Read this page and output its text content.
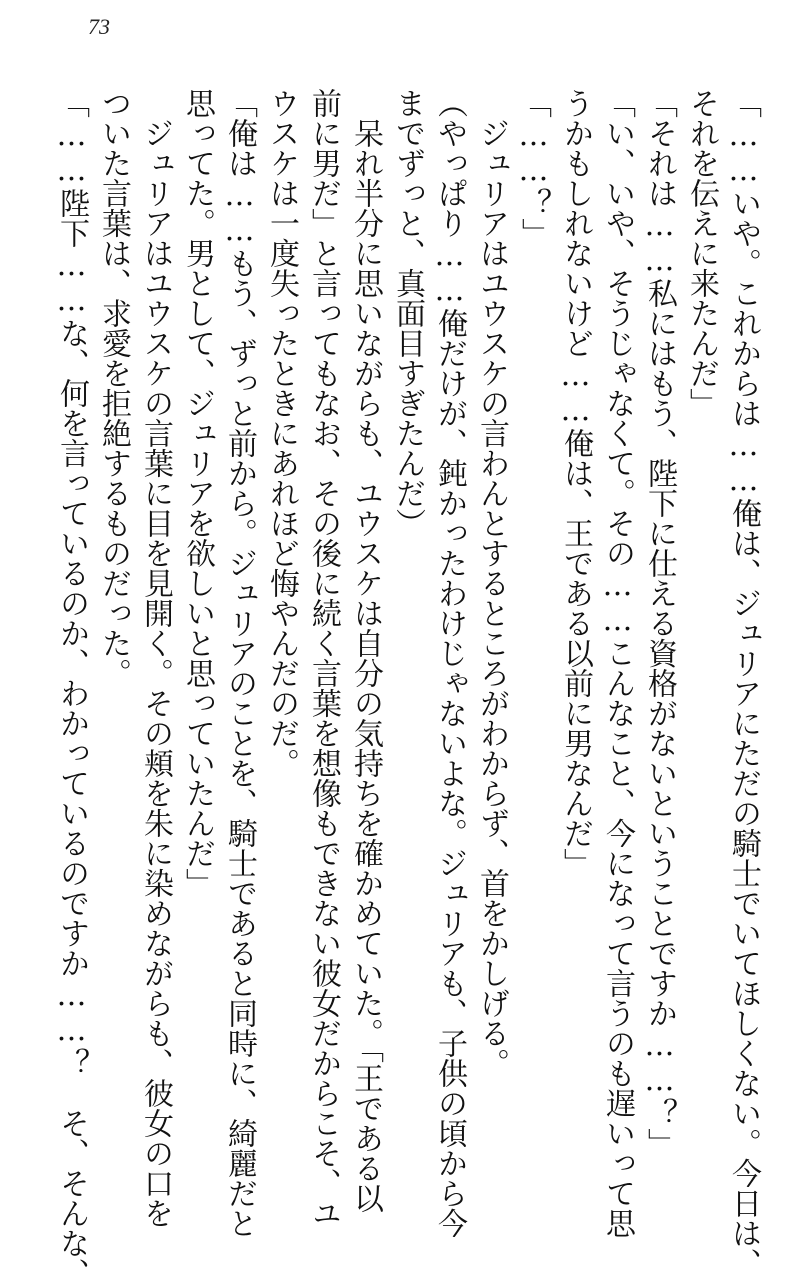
73
「……いや。これからは……俺は、ジュリアにただの騎士でいてほしくない。今日は、
それを伝えに来たんだ」
「それは……私にはもう、陛下に仕える資格がないということですか……？」
「い、いや、そうじゃなくて。その……こんなこと、今になって言うのも遅いって思
うかもしれないけど……俺は、王である以前に男なんだ」
「……？」
　ジュリアはユウスケの言わんとするところがわからず、首をかしげる。
（やっぱり……俺だけが、鈍かったわけじゃないよな。ジュリアも、子供の頃から今
までずっと、真面目すぎたんだ）
　呆れ半分に思いながらも、ユウスケは自分の気持ちを確かめていた。「王である以
前に男だ」と言ってもなお、その後に続く言葉を想像もできない彼女だからこそ、ユ
ウスケは一度失ったときにあれほど悔やんだのだ。
「俺は……もう、ずっと前から。ジュリアのことを、騎士であると同時に、綺麗だと
思ってた。男として、ジュリアを欲しいと思っていたんだ」
　ジュリアはユウスケの言葉に目を見開く。その頬を朱に染めながらも、彼女の口を
ついた言葉は、求愛を拒絶するものだった。
「……陛下……な、何を言っているのか、わかっているのですか……？　そ、そんな、
